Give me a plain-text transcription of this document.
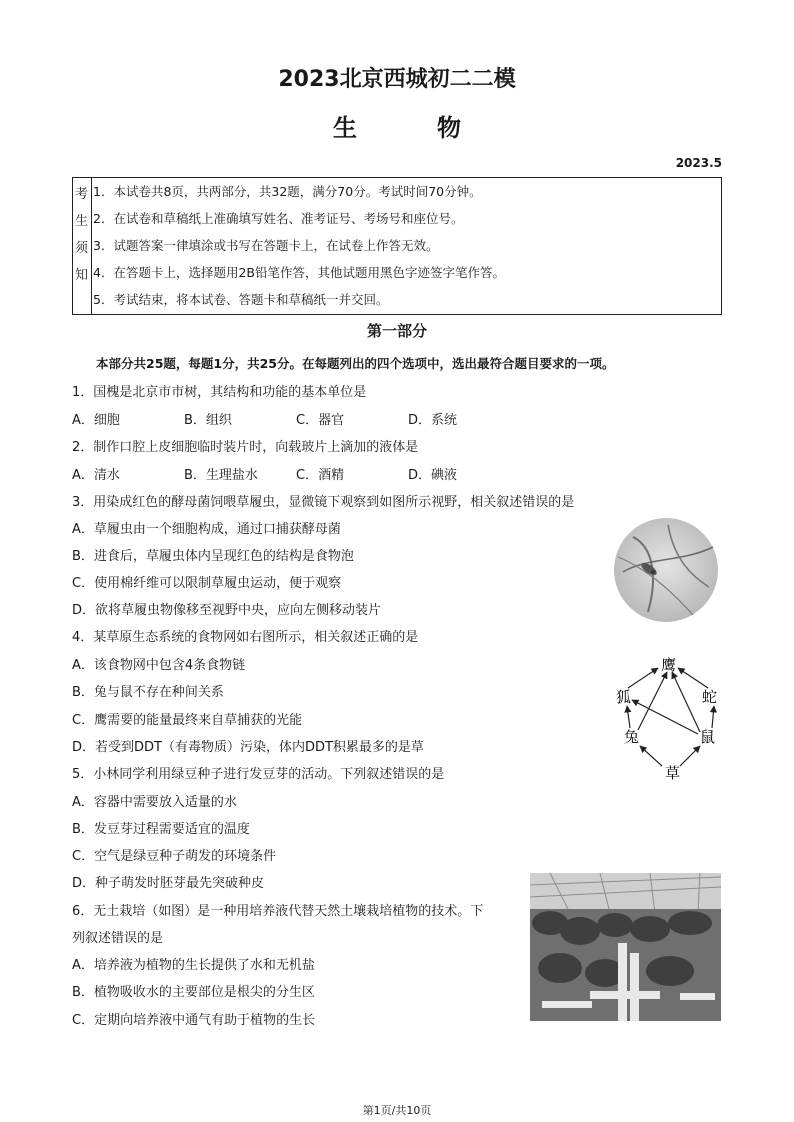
2023北京西城初二二模
生　物
2023.5
考
生
须
知
1．本试卷共8页，共两部分，共32题，满分70分。考试时间70分钟。
2．在试卷和草稿纸上准确填写姓名、准考证号、考场号和座位号。
3．试题答案一律填涂或书写在答题卡上，在试卷上作答无效。
4．在答题卡上，选择题用2B铅笔作答，其他试题用黑色字迹签字笔作答。
5．考试结束，将本试卷、答题卡和草稿纸一并交回。
第一部分
本部分共25题，每题1分，共25分。在每题列出的四个选项中，选出最符合题目要求的一项。
1．国槐是北京市市树，其结构和功能的基本单位是
A．细胞	B．组织	C．器官	D．系统
2．制作口腔上皮细胞临时装片时，向载玻片上滴加的液体是
A．清水	B．生理盐水	C．酒精	D．碘液
3．用染成红色的酵母菌饲喂草履虫，显微镜下观察到如图所示视野，相关叙述错误的是
A．草履虫由一个细胞构成，通过口捕获酵母菌
B．进食后，草履虫体内呈现红色的结构是食物泡
C．使用棉纤维可以限制草履虫运动，便于观察
D．欲将草履虫物像移至视野中央，应向左侧移动装片
4．某草原生态系统的食物网如右图所示，相关叙述正确的是
A．该食物网中包含4条食物链
B．兔与鼠不存在种间关系
C．鹰需要的能量最终来自草捕获的光能
D．若受到DDT（有毒物质）污染，体内DDT积累最多的是草
鹰
狐	蛇
兔	鼠
草
5．小林同学利用绿豆种子进行发豆芽的活动。下列叙述错误的是
A．容器中需要放入适量的水
B．发豆芽过程需要适宜的温度
C．空气是绿豆种子萌发的环境条件
D．种子萌发时胚芽最先突破种皮
6．无土栽培（如图）是一种用培养液代替天然土壤栽培植物的技术。下
列叙述错误的是
A．培养液为植物的生长提供了水和无机盐
B．植物吸收水的主要部位是根尖的分生区
C．定期向培养液中通气有助于植物的生长
第1页/共10页
